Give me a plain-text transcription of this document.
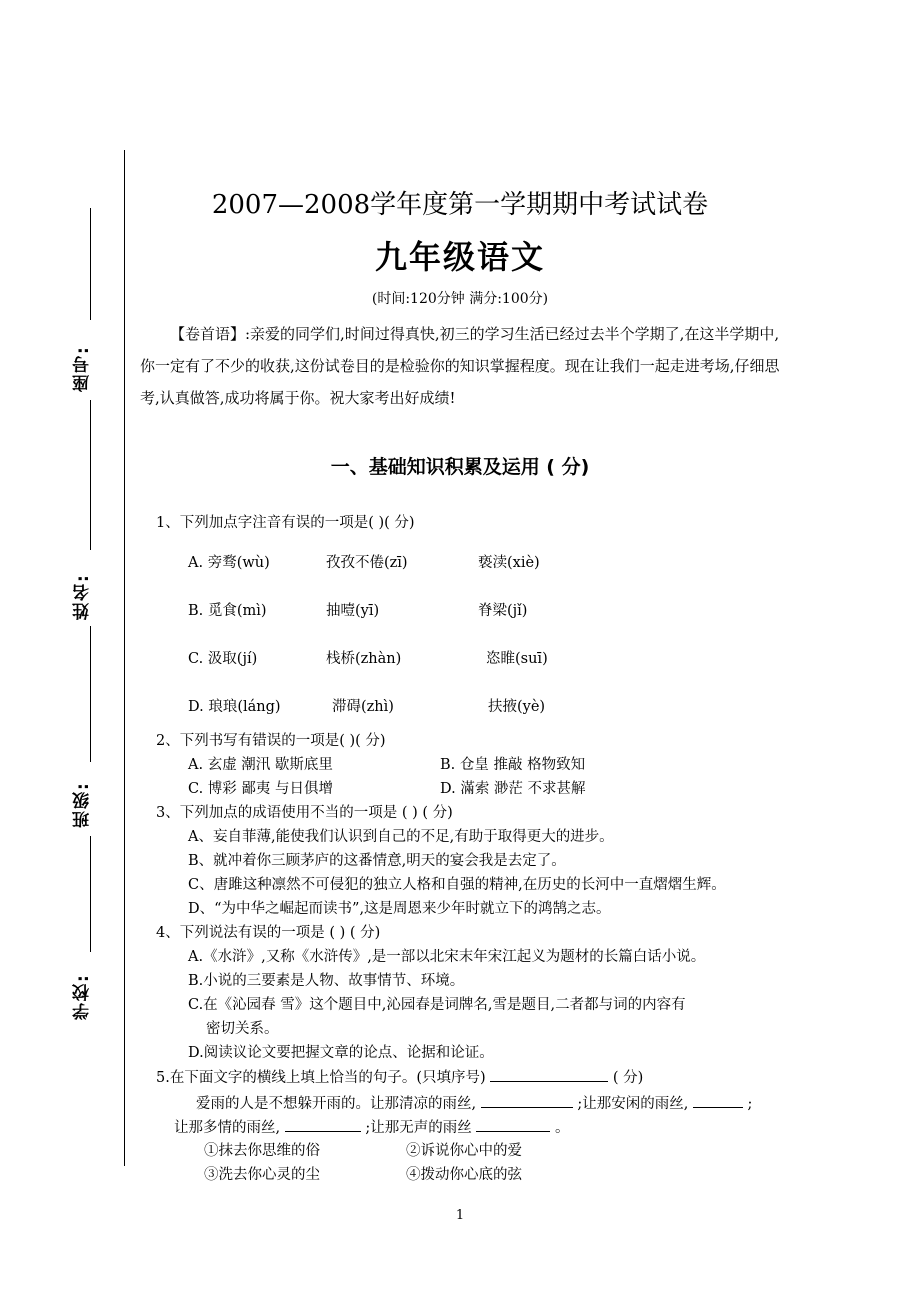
座号:
姓名:
班级:
学校:
2007—2008学年度第一学期期中考试试卷
九年级语文
(时间:120分钟 满分:100分)
【卷首语】:亲爱的同学们,时间过得真快,初三的学习生活已经过去半个学期了,在这半学期中,你一定有了不少的收获,这份试卷目的是检验你的知识掌握程度。现在让我们一起走进考场,仔细思考,认真做答,成功将属于你。祝大家考出好成绩!
一、基础知识积累及运用 ( 分)
1、下列加点字注音有误的一项是( )( 分)
A. 旁骛(wù)	孜孜不倦(zī)	亵渎(xiè)
B. 觅食(mì)	抽噎(yī)	脊梁(jǐ)
C. 汲取(jí)	栈桥(zhàn)	恣睢(suī)
D. 琅琅(láng)	滞碍(zhì)	扶掖(yè)
2、下列书写有错误的一项是( )( 分)
A. 玄虚 潮汛 歇斯底里	B. 仓皇 推敲 格物致知
C. 博彩 鄙夷 与日俱增	D. 滿索 渺茫 不求甚解
3、下列加点的成语使用不当的一项是 ( ) ( 分)
A、妄自菲薄,能使我们认识到自己的不足,有助于取得更大的进步。
B、就冲着你三顾茅庐的这番情意,明天的宴会我是去定了。
C、唐雎这种凛然不可侵犯的独立人格和自强的精神,在历史的长河中一直熠熠生辉。
D、“为中华之崛起而读书”,这是周恩来少年时就立下的鸿鹄之志。
4、下列说法有误的一项是 ( ) ( 分)
A.《水浒》,又称《水浒传》,是一部以北宋末年宋江起义为题材的长篇白话小说。
B.小说的三要素是人物、故事情节、环境。
C.在《沁园春 雪》这个题目中,沁园春是词牌名,雪是题目,二者都与词的内容有
密切关系。
D.阅读议论文要把握文章的论点、论据和论证。
5.在下面文字的横线上填上恰当的句子。(只填序号)	( 分)
爱雨的人是不想躲开雨的。让那清凉的雨丝,	;让那安闲的雨丝,	;
让那多情的雨丝,	;让那无声的雨丝	。
①抹去你思维的俗	②诉说你心中的爱
③洗去你心灵的尘	④拨动你心底的弦
1
